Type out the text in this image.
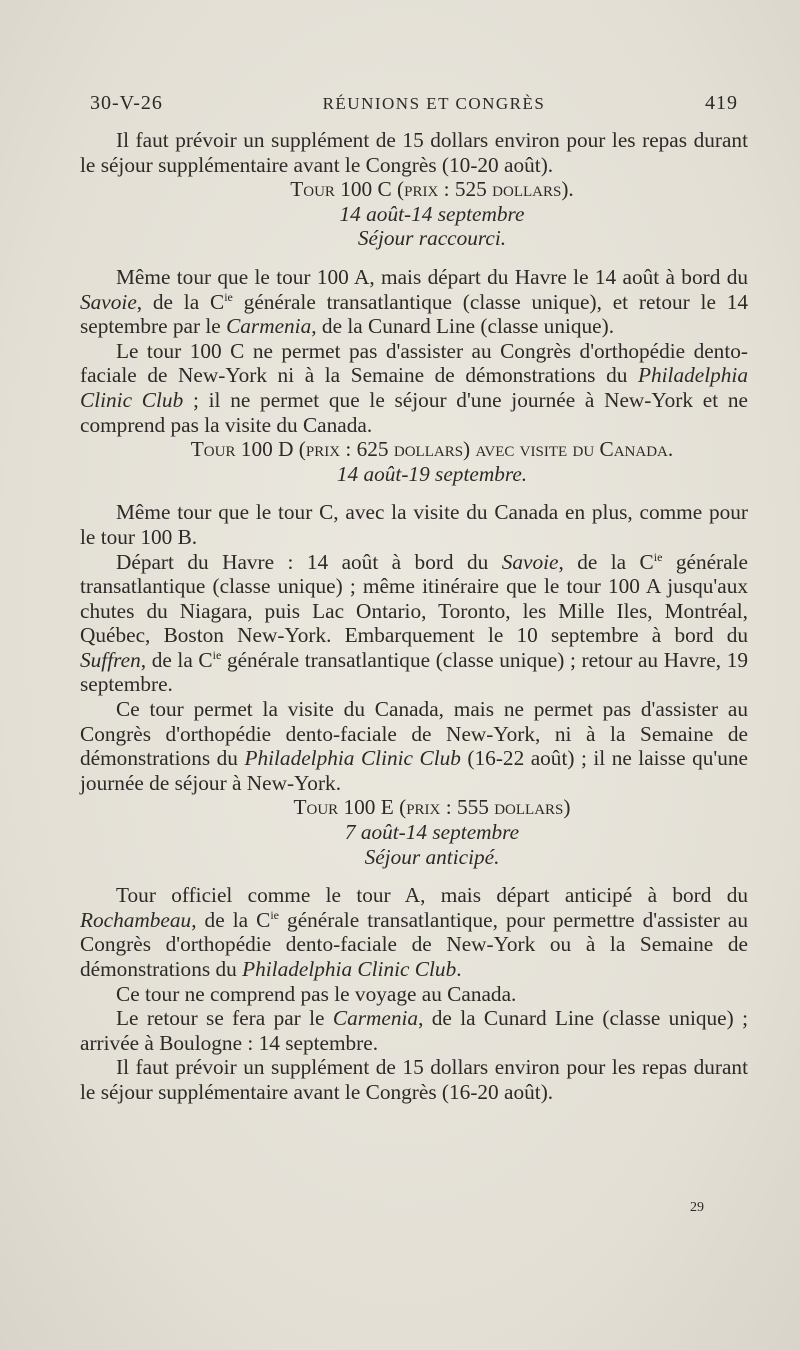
30-V-26	RÉUNIONS ET CONGRÈS	419

Il faut prévoir un supplément de 15 dollars environ pour les repas durant le séjour supplémentaire avant le Congrès (10-20 août).

Tour 100 C (prix : 525 dollars).

14 août-14 septembre

Séjour raccourci.

Même tour que le tour 100 A, mais départ du Havre le 14 août à bord du Savoie, de la $C^{ie}$ générale transatlantique (classe unique), et retour le 14 septembre par le Carmenia, de la Cunard Line (classe unique).

Le tour 100 C ne permet pas d'assister au Congrès d'orthopédie dento-faciale de New-York ni à la Semaine de démonstrations du Philadelphia Clinic Club ; il ne permet que le séjour d'une journée à New-York et ne comprend pas la visite du Canada.

Tour 100 D (prix : 625 dollars) avec visite du Canada.

14 août-19 septembre.

Même tour que le tour C, avec la visite du Canada en plus, comme pour le tour 100 B.

Départ du Havre : 14 août à bord du Savoie, de la $C^{ie}$ générale transatlantique (classe unique) ; même itinéraire que le tour 100 A jusqu'aux chutes du Niagara, puis Lac Ontario, Toronto, les Mille Iles, Montréal, Québec, Boston New-York. Embarquement le 10 septembre à bord du Suffren, de la $C^{ie}$ générale transatlantique (classe unique) ; retour au Havre, 19 septembre.

Ce tour permet la visite du Canada, mais ne permet pas d'assister au Congrès d'orthopédie dento-faciale de New-York, ni à la Semaine de démonstrations du Philadelphia Clinic Club (16-22 août) ; il ne laisse qu'une journée de séjour à New-York.

Tour 100 E (prix : 555 dollars)

7 août-14 septembre

Séjour anticipé.

Tour officiel comme le tour A, mais départ anticipé à bord du Rochambeau, de la $C^{ie}$ générale transatlantique, pour permettre d'assister au Congrès d'orthopédie dento-faciale de New-York ou à la Semaine de démonstrations du Philadelphia Clinic Club.

Ce tour ne comprend pas le voyage au Canada.

Le retour se fera par le Carmenia, de la Cunard Line (classe unique) ; arrivée à Boulogne : 14 septembre.

Il faut prévoir un supplément de 15 dollars environ pour les repas durant le séjour supplémentaire avant le Congrès (16-20 août).

29
